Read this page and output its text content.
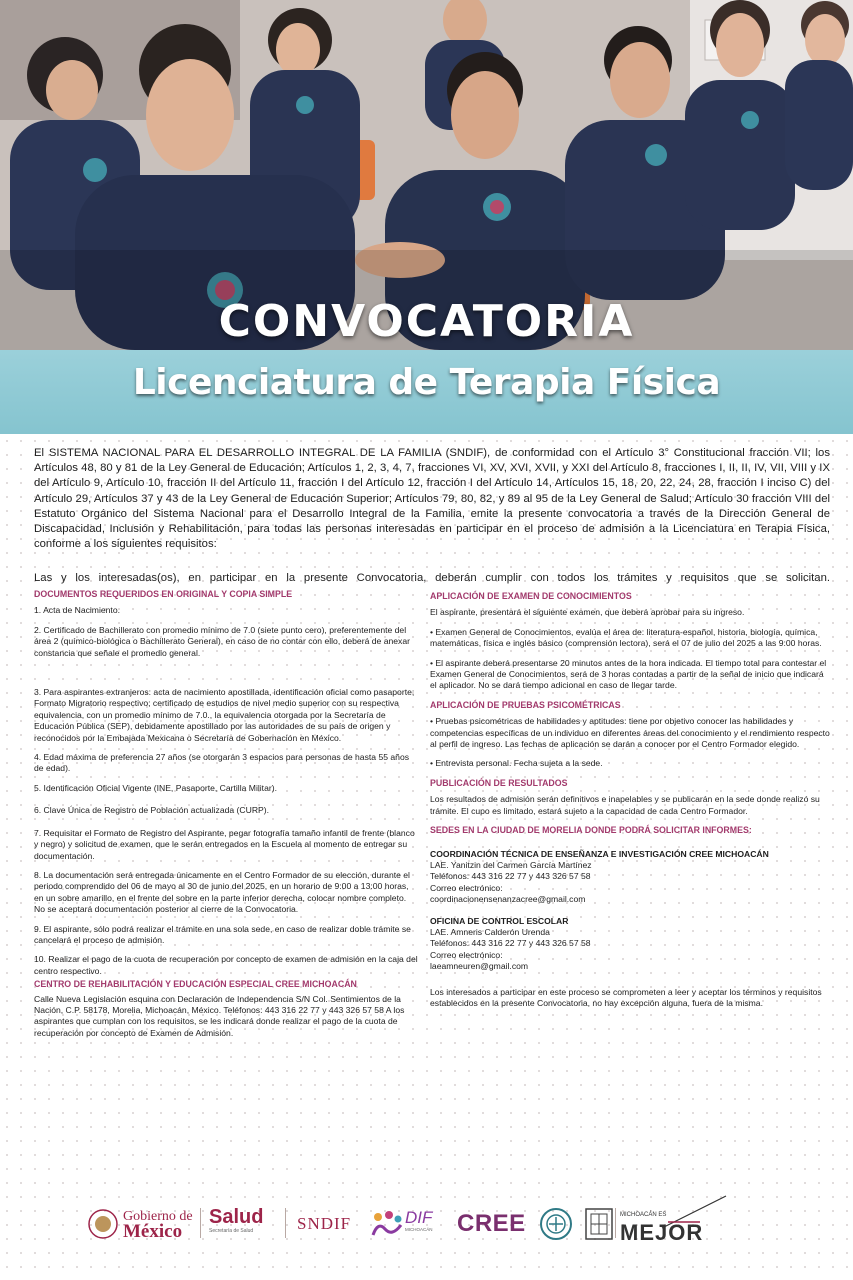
CONVOCATORIA
Licenciatura de Terapia Física
El SISTEMA NACIONAL PARA EL DESARROLLO INTEGRAL DE LA FAMILIA (SNDIF), de conformidad con el Artículo 3° Constitucional fracción VII; los Artículos 48, 80 y 81 de la Ley General de Educación; Artículos 1, 2, 3, 4, 7, fracciones VI, XV, XVI, XVII, y XXI del Artículo 8, fracciones I, II, II, IV, VII, VIII y IX del Artículo 9, Artículo 10, fracción II del Artículo 11, fracción I del Artículo 12, fracción I del Artículo 14, Artículos 15, 18, 20, 22, 24, 28, fracción I inciso C) del Artículo 29, Artículos 37 y 43 de la Ley General de Educación Superior; Artículos 79, 80, 82, y 89 al 95 de la Ley General de Salud; Artículo 30 fracción VIII del Estatuto Orgánico del Sistema Nacional para el Desarrollo Integral de la Familia, emite la presente convocatoria a través de la Dirección General de Discapacidad, Inclusión y Rehabilitación, para todas las personas interesadas en participar en el proceso de admisión a la Licenciatura en Terapia Física, conforme a los siguientes requisitos:
Las y los interesadas(os), en participar en la presente Convocatoria, deberán cumplir con todos los trámites y requisitos que se solicitan.
DOCUMENTOS REQUERIDOS EN ORIGINAL Y COPIA SIMPLE
1. Acta de Nacimiento.
2. Certificado de Bachillerato con promedio mínimo de 7.0 (siete punto cero), preferentemente del área 2 (químico-biológica o Bachillerato General), en caso de no contar con ello, deberá de anexar constancia que señale el promedio general.
3. Para aspirantes extranjeros: acta de nacimiento apostillada, identificación oficial como pasaporte; Formato Migratorio respectivo; certificado de estudios de nivel medio superior con su respectiva equivalencia, con un promedio mínimo de 7.0., la equivalencia otorgada por la Secretaría de Educación Pública (SEP), debidamente apostillado por las autoridades de su país de origen y reconocidos por la Embajada Mexicana o Secretaría de Gobernación en México.
4. Edad máxima de preferencia 27 años (se otorgarán 3 espacios para personas de hasta 55 años de edad).
5. Identificación Oficial Vigente (INE, Pasaporte, Cartilla Militar).
6. Clave Única de Registro de Población actualizada (CURP).
7. Requisitar el Formato de Registro del Aspirante, pegar fotografía tamaño infantil de frente (blanco y negro) y solicitud de examen, que le serán entregados en la Escuela al momento de entregar su documentación.
8. La documentación será entregada únicamente en el Centro Formador de su elección, durante el periodo comprendido del 06 de mayo al 30 de junio del 2025, en un horario de 9:00 a 13:00 horas, en un sobre amarillo, en el frente del sobre en la parte inferior derecha, colocar nombre completo. No se aceptará documentación posterior al cierre de la Convocatoria.
9. El aspirante, sólo podrá realizar el trámite en una sola sede, en caso de realizar doble trámite se cancelará el proceso de admisión.
10. Realizar el pago de la cuota de recuperación por concepto de examen de admisión en la caja del centro respectivo.
CENTRO DE REHABILITACIÓN Y EDUCACIÓN ESPECIAL CREE MICHOACÁN
Calle Nueva Legislación esquina con Declaración de Independencia S/N Col. Sentimientos de la Nación, C.P. 58178, Morelia, Michoacán, México. Teléfonos: 443 316 22 77 y 443 326 57 58 A los aspirantes que cumplan con los requisitos, se les indicará donde realizar el pago de la cuota de recuperación por concepto de Examen de Admisión.
APLICACIÓN DE EXAMEN DE CONOCIMIENTOS
El aspirante, presentará el siguiente examen, que deberá aprobar para su ingreso.
• Examen General de Conocimientos, evalúa el área de: literatura-español, historia, biología, química, matemáticas, física e inglés básico (comprensión lectora), será el 07 de julio del 2025 a las 9:00 horas.
• El aspirante deberá presentarse 20 minutos antes de la hora indicada. El tiempo total para contestar el Examen General de Conocimientos, será de 3 horas contadas a partir de la señal de inicio que indicará el aplicador. No se dará tiempo adicional en caso de llegar tarde.
APLICACIÓN DE PRUEBAS PSICOMÉTRICAS
• Pruebas psicométricas de habilidades y aptitudes: tiene por objetivo conocer las habilidades y competencias específicas de un individuo en diferentes áreas del conocimiento y el rendimiento respecto al perfil de ingreso. Las fechas de aplicación se darán a conocer por el Centro Formador elegido.
• Entrevista personal. Fecha sujeta a la sede.
PUBLICACIÓN DE RESULTADOS
Los resultados de admisión serán definitivos e inapelables y se publicarán en la sede donde realizó su trámite. El cupo es limitado, estará sujeto a la capacidad de cada Centro Formador.
SEDES EN LA CIUDAD DE MORELIA DONDE PODRÁ SOLICITAR INFORMES:
COORDINACIÓN TÉCNICA DE ENSEÑANZA E INVESTIGACIÓN CREE MICHOACÁN
LAE. Yanitzin del Carmen García Martínez
Teléfonos: 443 316 22 77 y 443 326 57 58
Correo electrónico:
coordinacionensenanzacree@gmail.com
OFICINA DE CONTROL ESCOLAR
LAE. Amneris Calderón Urenda
Teléfonos: 443 316 22 77 y 443 326 57 58
Correo electrónico:
laeamneuren@gmail.com
Los interesados a participar en este proceso se comprometen a leer y aceptar los términos y requisitos establecidos en la presente Convocatoria, no hay excepción alguna, fuera de la misma.
Gobierno de
México
Salud
Secretaría de Salud	SNDIF	DIF
MICHOACÁN CREE	MICHOACÁN ES
MEJOR
